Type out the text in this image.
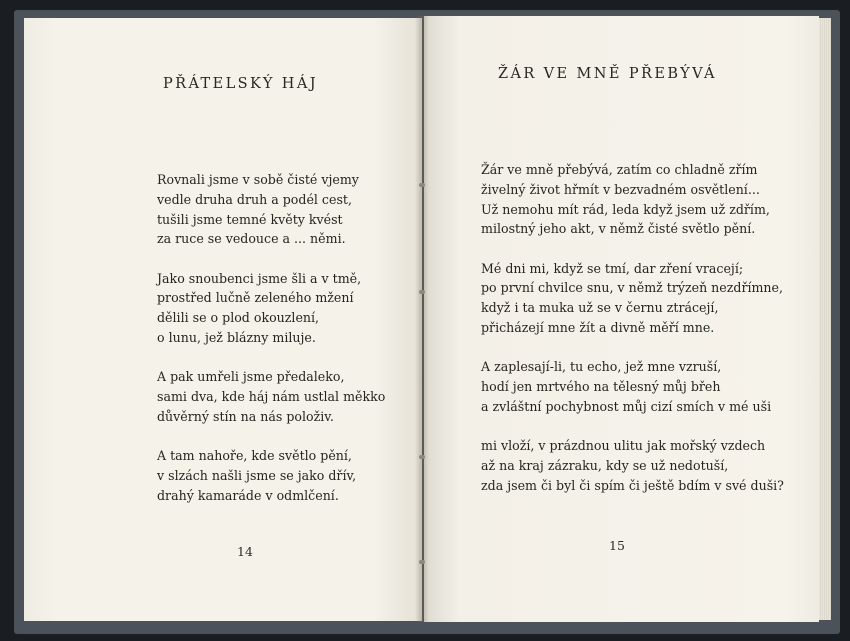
PŘÁTELSKÝ HÁJ

Rovnali jsme v sobě čisté vjemy
vedle druha druh a podél cest,
tušili jsme temné květy kvést
za ruce se vedouce a ... němi.

Jako snoubenci jsme šli a v tmě,
prostřed lučně zeleného mžení
dělili se o plod okouzlení,
o lunu, jež blázny miluje.

A pak umřeli jsme předaleko,
sami dva, kde háj nám ustlal měkko
důvěrný stín na nás položiv.

A tam nahoře, kde světlo pění,
v slzách našli jsme se jako dřív,
drahý kamaráde v odmlčení.

14
ŽÁR VE MNĚ PŘEBÝVÁ

Žár ve mně přebývá, zatím co chladně zřím
živelný život hřmít v bezvadném osvětlení...
Už nemohu mít rád, leda když jsem už zdřím,
milostný jeho akt, v němž čisté světlo pění.

Mé dni mi, když se tmí, dar zření vracejí;
po první chvilce snu, v němž trýzeň nezdřímne,
když i ta muka už se v černu ztrácejí,
přicházejí mne žít a divně měří mne.

A zaplesají-li, tu echo, jež mne vzruší,
hodí jen mrtvého na tělesný můj břeh
a zvláštní pochybnost můj cizí smích v mé uši

mi vloží, v prázdnou ulitu jak mořský vzdech
až na kraj zázraku, kdy se už nedotuší,
zda jsem či byl či spím či ještě bdím v své duši?

15
